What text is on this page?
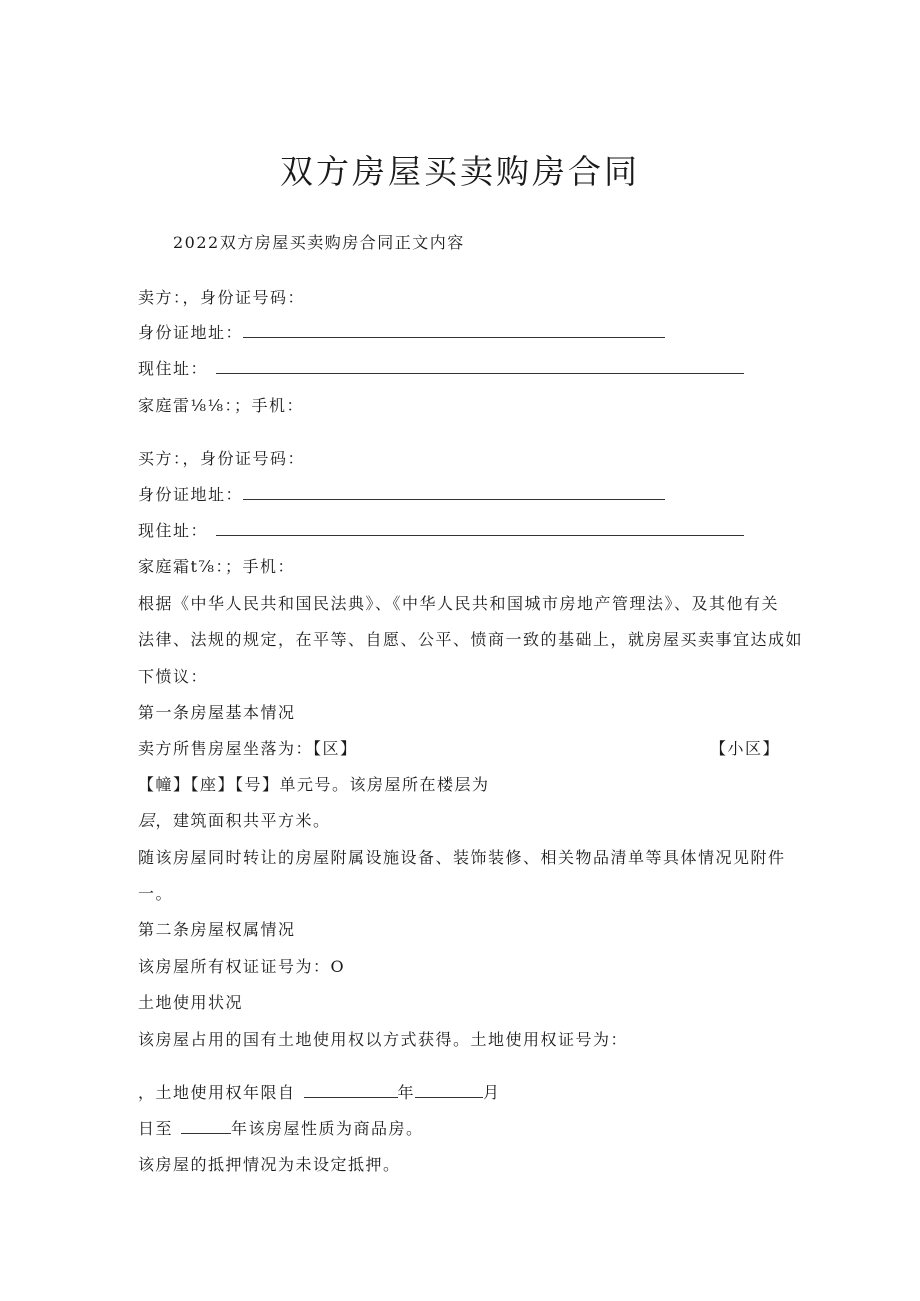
双方房屋买卖购房合同
2022双方房屋买卖购房合同正文内容
卖方：，身份证号码：
身份证地址：
现住址：
家庭雷⅛⅛：；手机：
买方：，身份证号码：
身份证地址：
现住址：
家庭霜t⅞：；手机：
根据《中华人民共和国民法典》、《中华人民共和国城市房地产管理法》、及其他有关
法律、法规的规定，在平等、自愿、公平、愤商一致的基础上，就房屋买卖事宜达成如
下愤议：
第一条房屋基本情况
卖方所售房屋坐落为：【区】	【小区】
【幢】【座】【号】单元号。该房屋所在楼层为
层，建筑面积共平方米。
随该房屋同时转让的房屋附属设施设备、装饰装修、相关物品清单等具体情况见附件
一。
第二条房屋权属情况
该房屋所有权证证号为：O
土地使用状况
该房屋占用的国有土地使用权以方式获得。土地使用权证号为：
，土地使用权年限自	年	月
日至	年该房屋性质为商品房。
该房屋的抵押情况为未设定抵押。
